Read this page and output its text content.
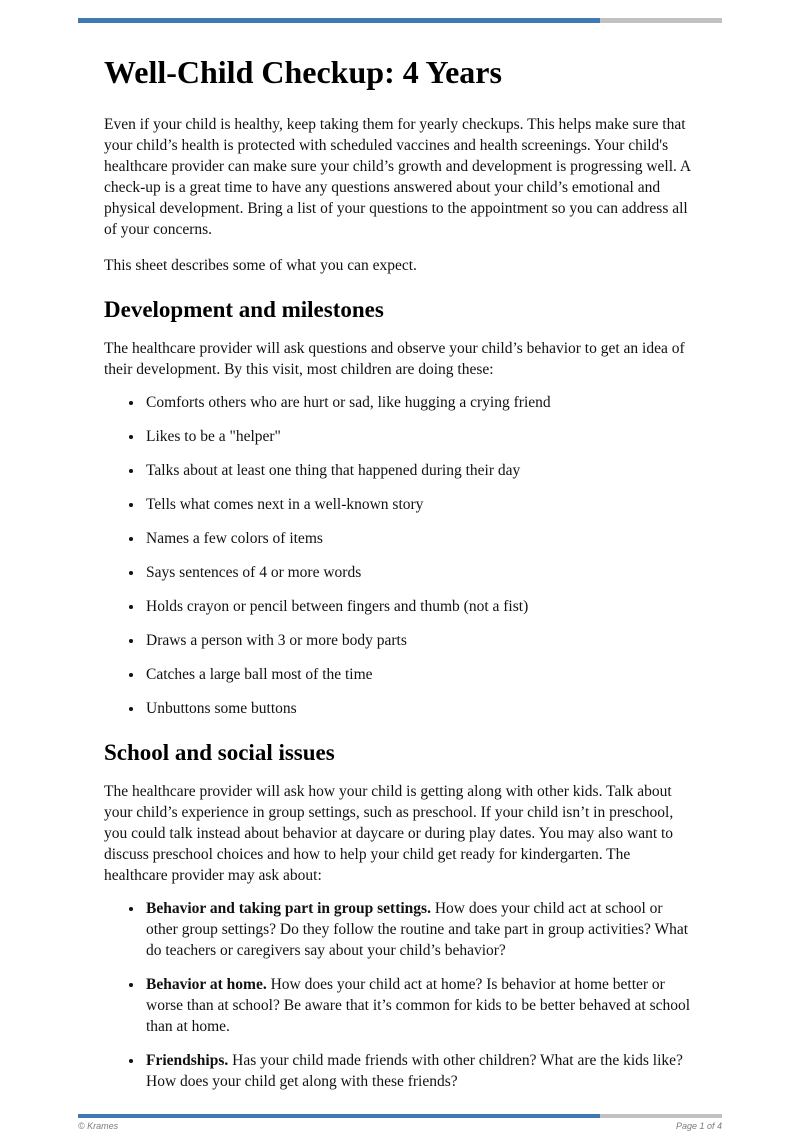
Well-Child Checkup: 4 Years

Even if your child is healthy, keep taking them for yearly checkups. This helps make sure that your child’s health is protected with scheduled vaccines and health screenings. Your child's healthcare provider can make sure your child’s growth and development is progressing well. A check-up is a great time to have any questions answered about your child’s emotional and physical development. Bring a list of your questions to the appointment so you can address all of your concerns.

This sheet describes some of what you can expect.

Development and milestones

The healthcare provider will ask questions and observe your child’s behavior to get an idea of their development. By this visit, most children are doing these:

• Comforts others who are hurt or sad, like hugging a crying friend
• Likes to be a "helper"
• Talks about at least one thing that happened during their day
• Tells what comes next in a well-known story
• Names a few colors of items
• Says sentences of 4 or more words
• Holds crayon or pencil between fingers and thumb (not a fist)
• Draws a person with 3 or more body parts
• Catches a large ball most of the time
• Unbuttons some buttons
School and social issues

The healthcare provider will ask how your child is getting along with other kids. Talk about your child’s experience in group settings, such as preschool. If your child isn’t in preschool, you could talk instead about behavior at daycare or during play dates. You may also want to discuss preschool choices and how to help your child get ready for kindergarten. The healthcare provider may ask about:

• Behavior and taking part in group settings. How does your child act at school or other group settings? Do they follow the routine and take part in group activities? What do teachers or caregivers say about your child’s behavior?
• Behavior at home. How does your child act at home? Is behavior at home better or worse than at school? Be aware that it’s common for kids to be better behaved at school than at home.
• Friendships. Has your child made friends with other children? What are the kids like? How does your child get along with these friends?
© Krames	Page 1 of 4
